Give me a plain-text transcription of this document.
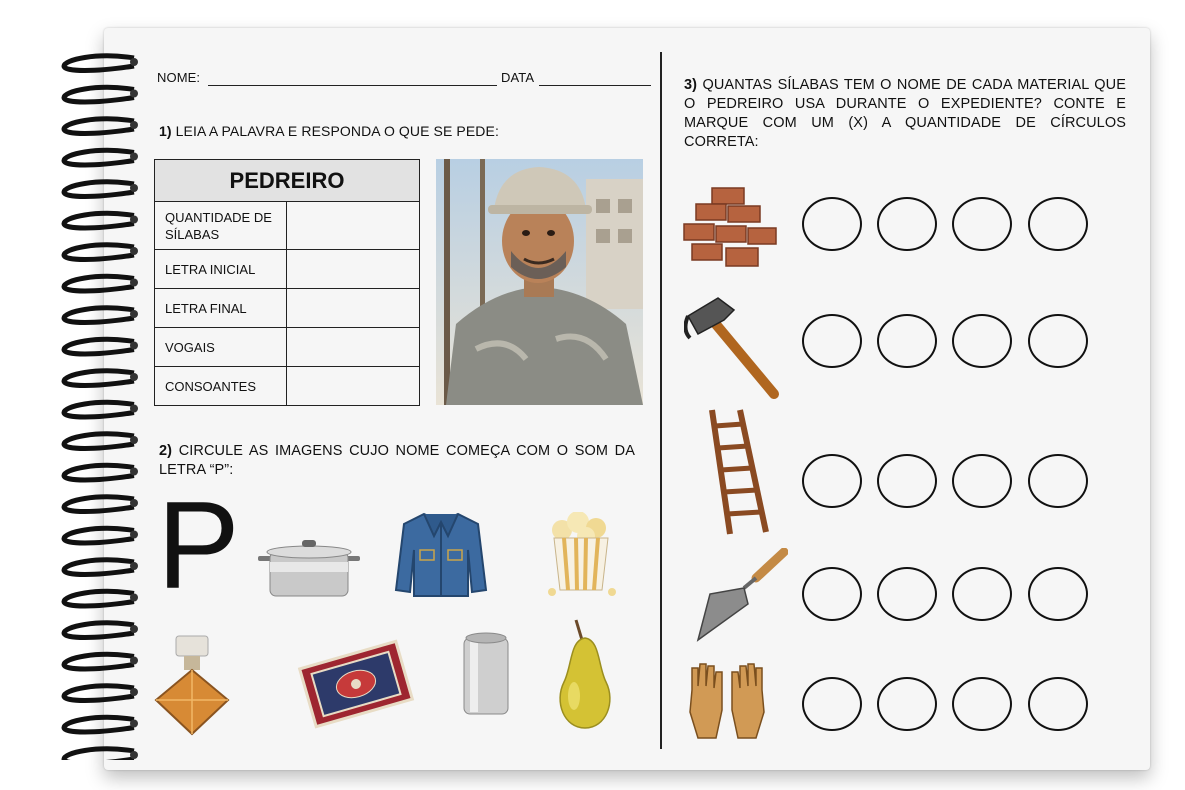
NOME:	DATA
1) LEIA A PALAVRA E RESPONDA O QUE SE PEDE:
PEDREIRO	
QUANTIDADE DE SÍLABAS	
LETRA INICIAL	
LETRA FINAL	
VOGAIS	
CONSOANTES	
2) CIRCULE AS IMAGENS CUJO NOME COMEÇA COM O SOM DA LETRA “P”:
P
3) QUANTAS SÍLABAS TEM O NOME DE CADA MATERIAL QUE O PEDREIRO USA DURANTE O EXPEDIENTE? CONTE E MARQUE COM UM (X) A QUANTIDADE DE CÍRCULOS CORRETA:
